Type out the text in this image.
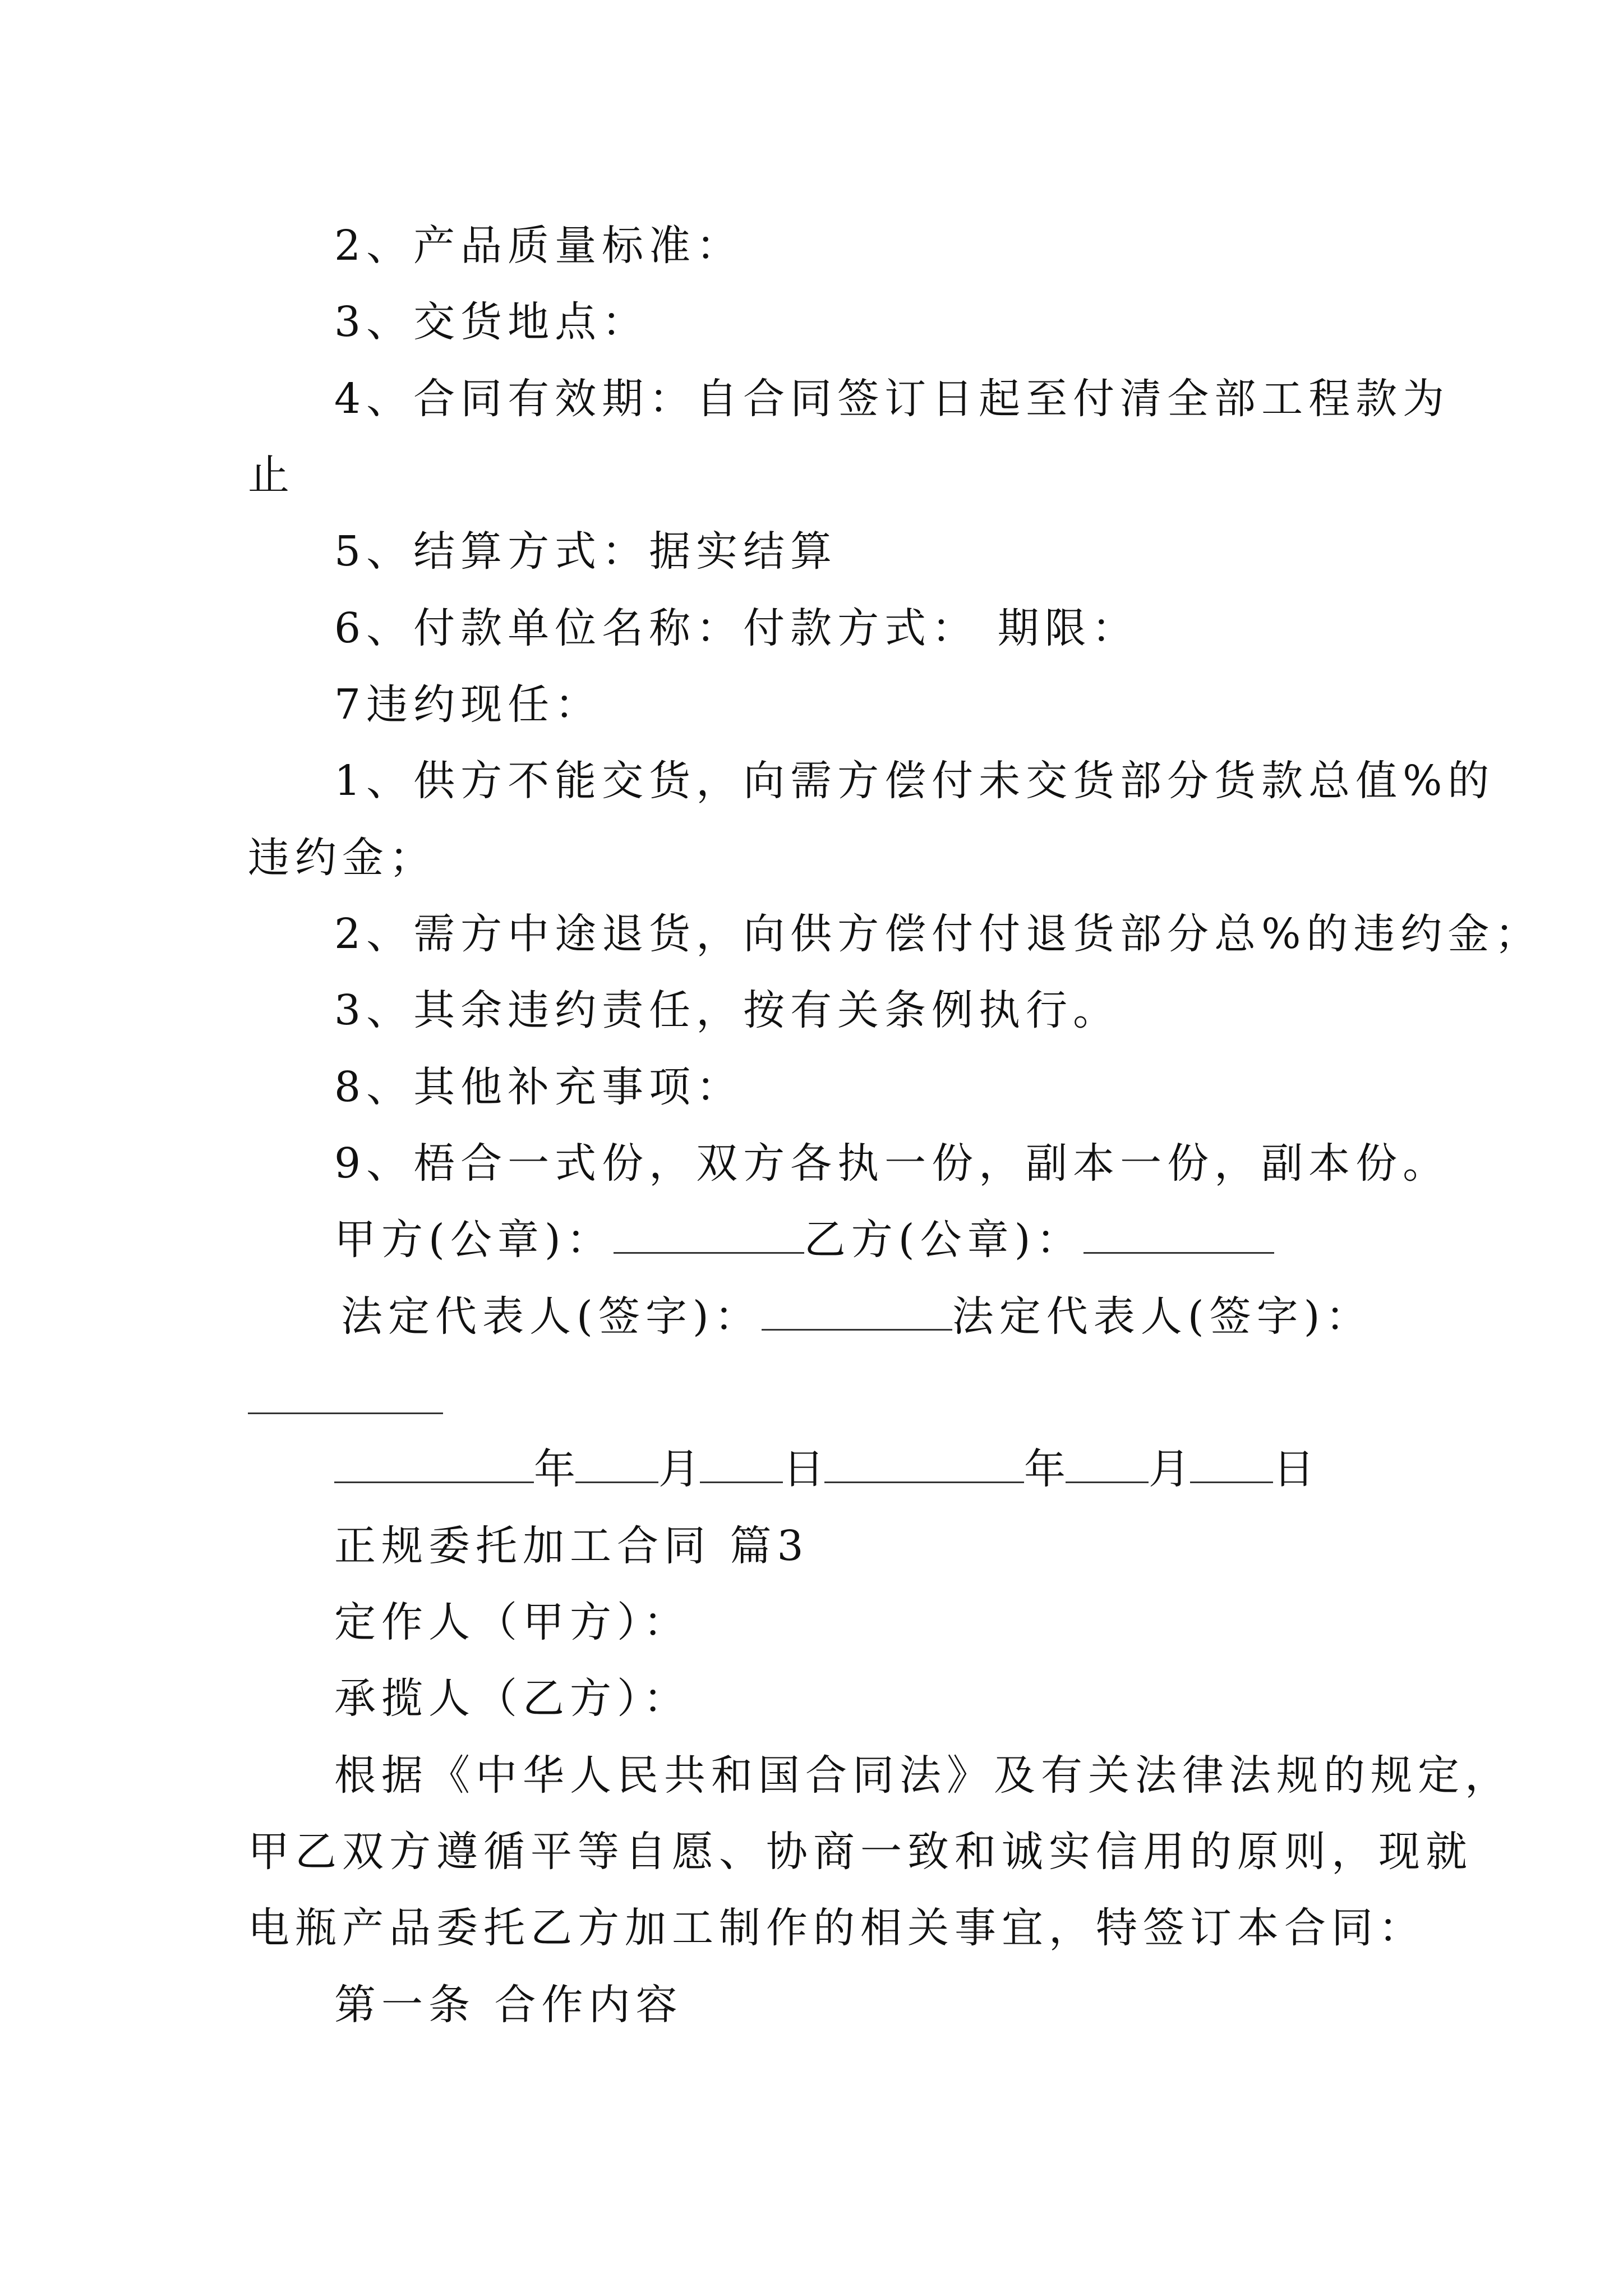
2、产品质量标准：
3、交货地点：
4、合同有效期：自合同签订日起至付清全部工程款为
止
5、结算方式：据实结算
6、付款单位名称：付款方式： 期限：
7违约现任：
1、供方不能交货，向需方偿付未交货部分货款总值%的
违约金；
2、需方中途退货，向供方偿付付退货部分总%的违约金；
3、其余违约责任，按有关条例执行。
8、其他补充事项：
9、梧合一式份，双方各执一份，副本一份，副本份。
甲方(公章)：	乙方(公章)：
法定代表人(签字)：	法定代表人(签字)：
年 月 日	年 月 日
正规委托加工合同 篇3
定作人（甲方）：
承揽人（乙方）：
根据《中华人民共和国合同法》及有关法律法规的规定，
甲乙双方遵循平等自愿、协商一致和诚实信用的原则，现就
电瓶产品委托乙方加工制作的相关事宜，特签订本合同：
第一条 合作内容
